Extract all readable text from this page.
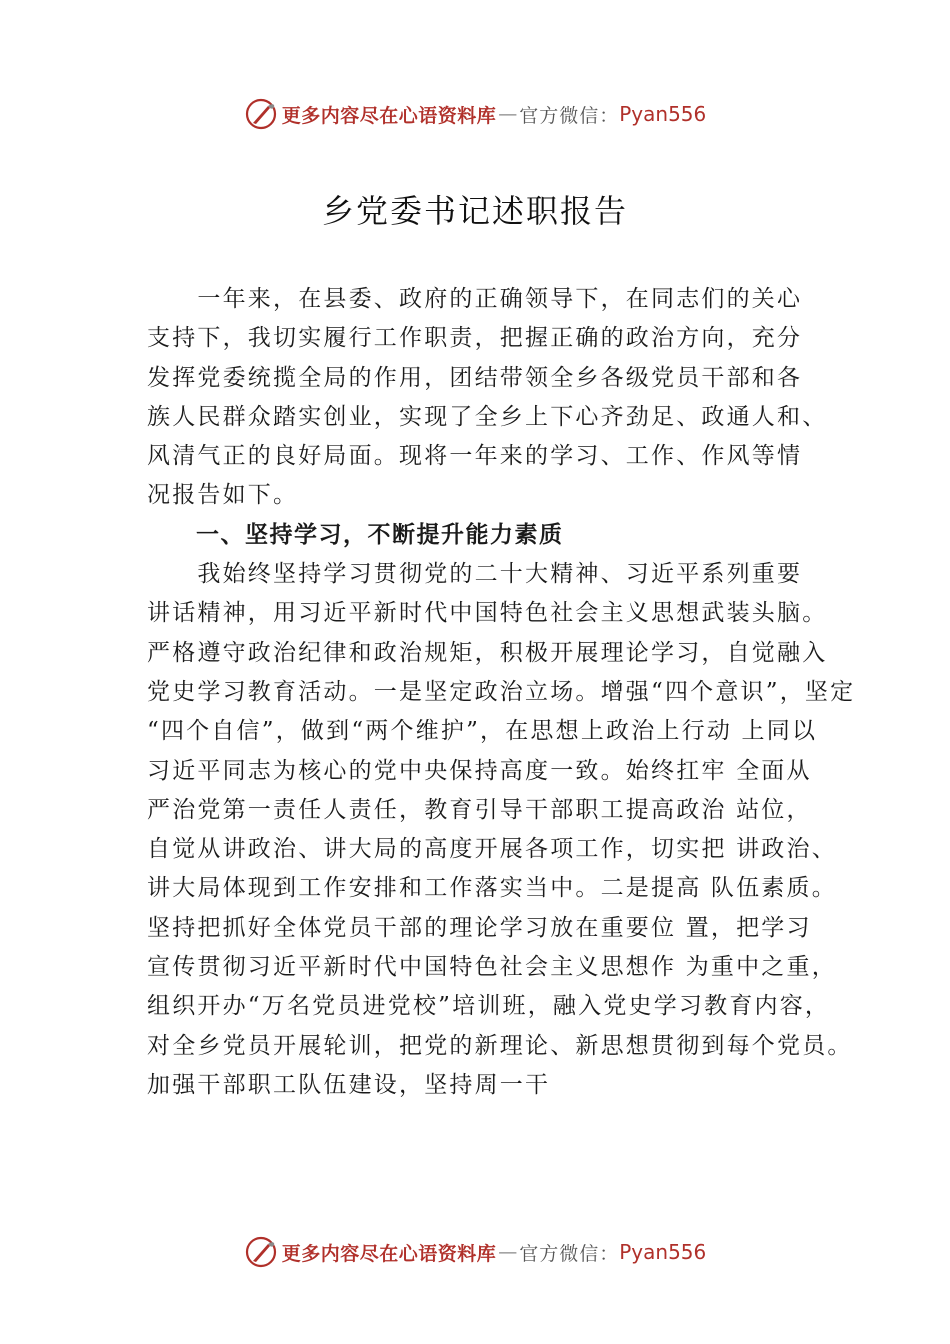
更多内容尽在心语资料库 — 官方微信： Pyan556
乡党委书记述职报告
　　一年来，在县委、政府的正确领导下，在同志们的关心
支持下，我切实履行工作职责，把握正确的政治方向，充分
发挥党委统揽全局的作用，团结带领全乡各级党员干部和各
族人民群众踏实创业，实现了全乡上下心齐劲足、政通人和、
风清气正的良好局面。现将一年来的学习、工作、作风等情
况报告如下。
　　一、坚持学习，不断提升能力素质
　　我始终坚持学习贯彻党的二十大精神、习近平系列重要
讲话精神，用习近平新时代中国特色社会主义思想武装头脑。
严格遵守政治纪律和政治规矩，积极开展理论学习，自觉融入
党史学习教育活动。一是坚定政治立场。增强“四个意识”，坚定
“四个自信”，做到“两个维护”，在思想上政治上行动 上同以
习近平同志为核心的党中央保持高度一致。始终扛牢 全面从
严治党第一责任人责任，教育引导干部职工提高政治 站位，
自觉从讲政治、讲大局的高度开展各项工作，切实把 讲政治、
讲大局体现到工作安排和工作落实当中。二是提高 队伍素质。
坚持把抓好全体党员干部的理论学习放在重要位 置，把学习
宣传贯彻习近平新时代中国特色社会主义思想作 为重中之重，
组织开办“万名党员进党校”培训班，融入党史学习教育内容，
对全乡党员开展轮训，把党的新理论、新思想贯彻到每个党员。
加强干部职工队伍建设，坚持周一干
更多内容尽在心语资料库 — 官方微信： Pyan556
